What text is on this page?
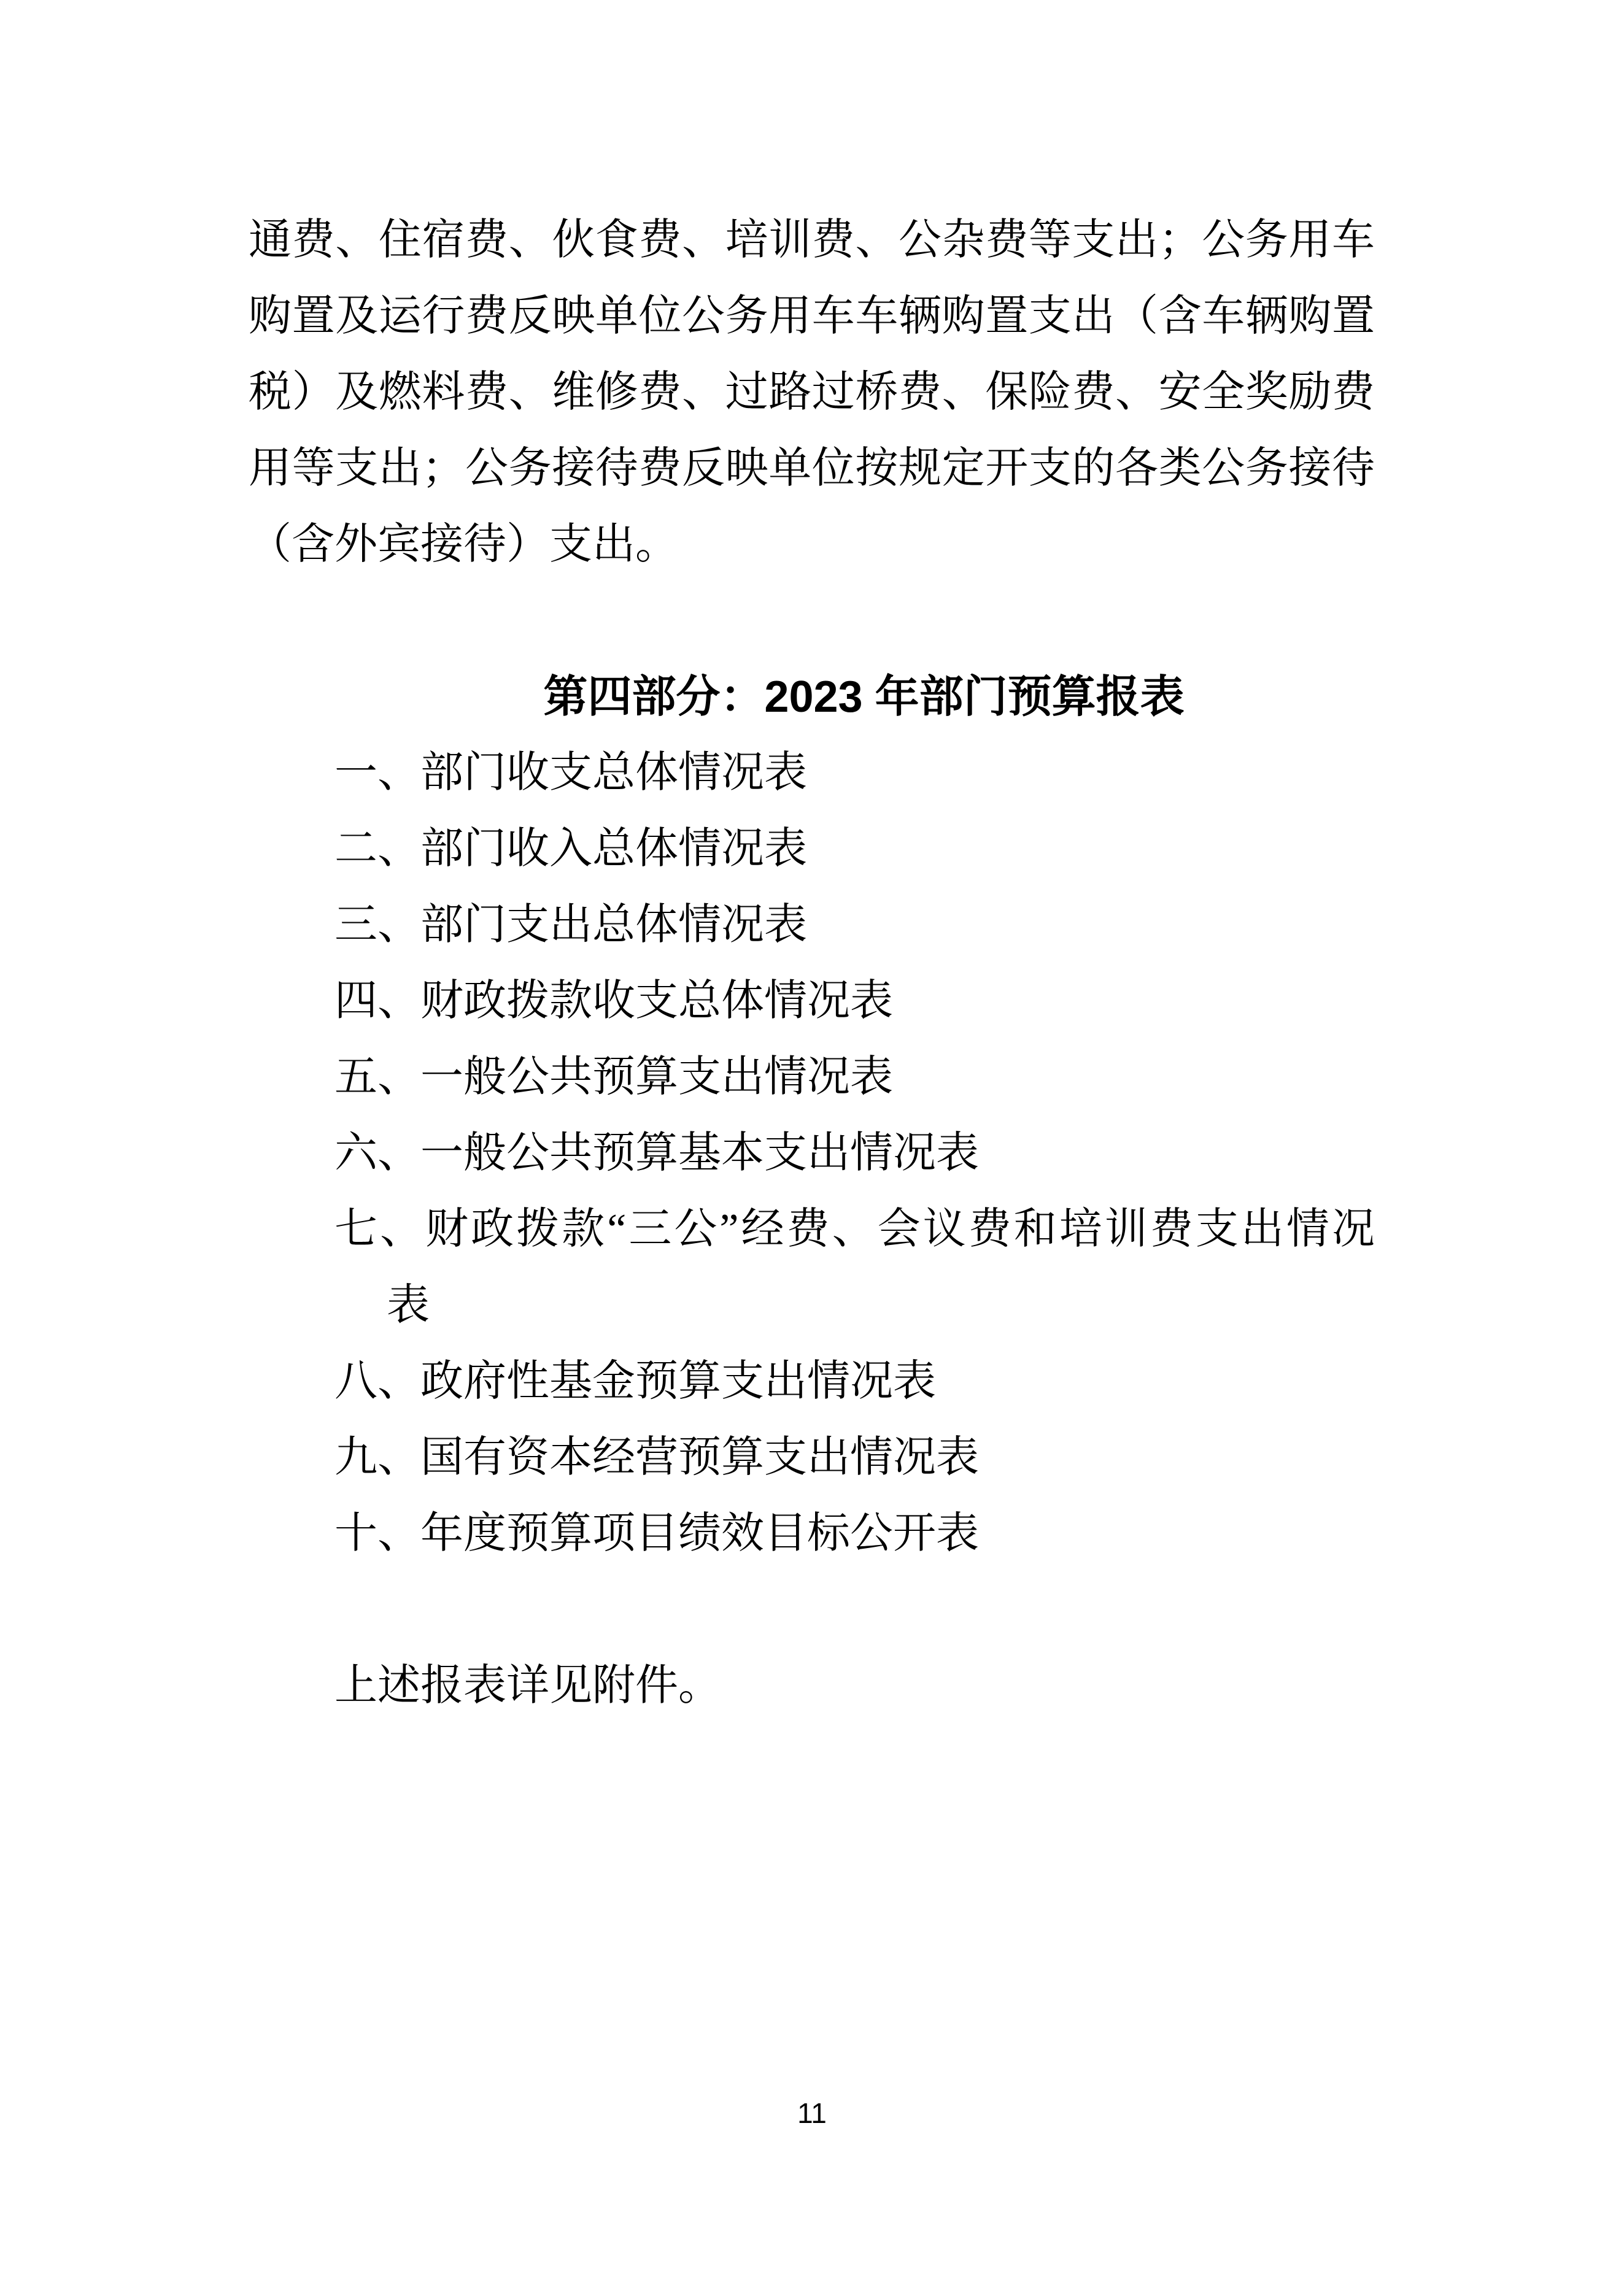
通费、住宿费、伙食费、培训费、公杂费等支出；公务用车
购置及运行费反映单位公务用车车辆购置支出（含车辆购置
税）及燃料费、维修费、过路过桥费、保险费、安全奖励费
用等支出；公务接待费反映单位按规定开支的各类公务接待
（含外宾接待）支出。
第四部分：2023 年部门预算报表
一、部门收支总体情况表
二、部门收入总体情况表
三、部门支出总体情况表
四、财政拨款收支总体情况表
五、一般公共预算支出情况表
六、一般公共预算基本支出情况表
七、财政拨款“三公”经费、会议费和培训费支出情况
表
八、政府性基金预算支出情况表
九、国有资本经营预算支出情况表
十、年度预算项目绩效目标公开表
上述报表详见附件。
11
